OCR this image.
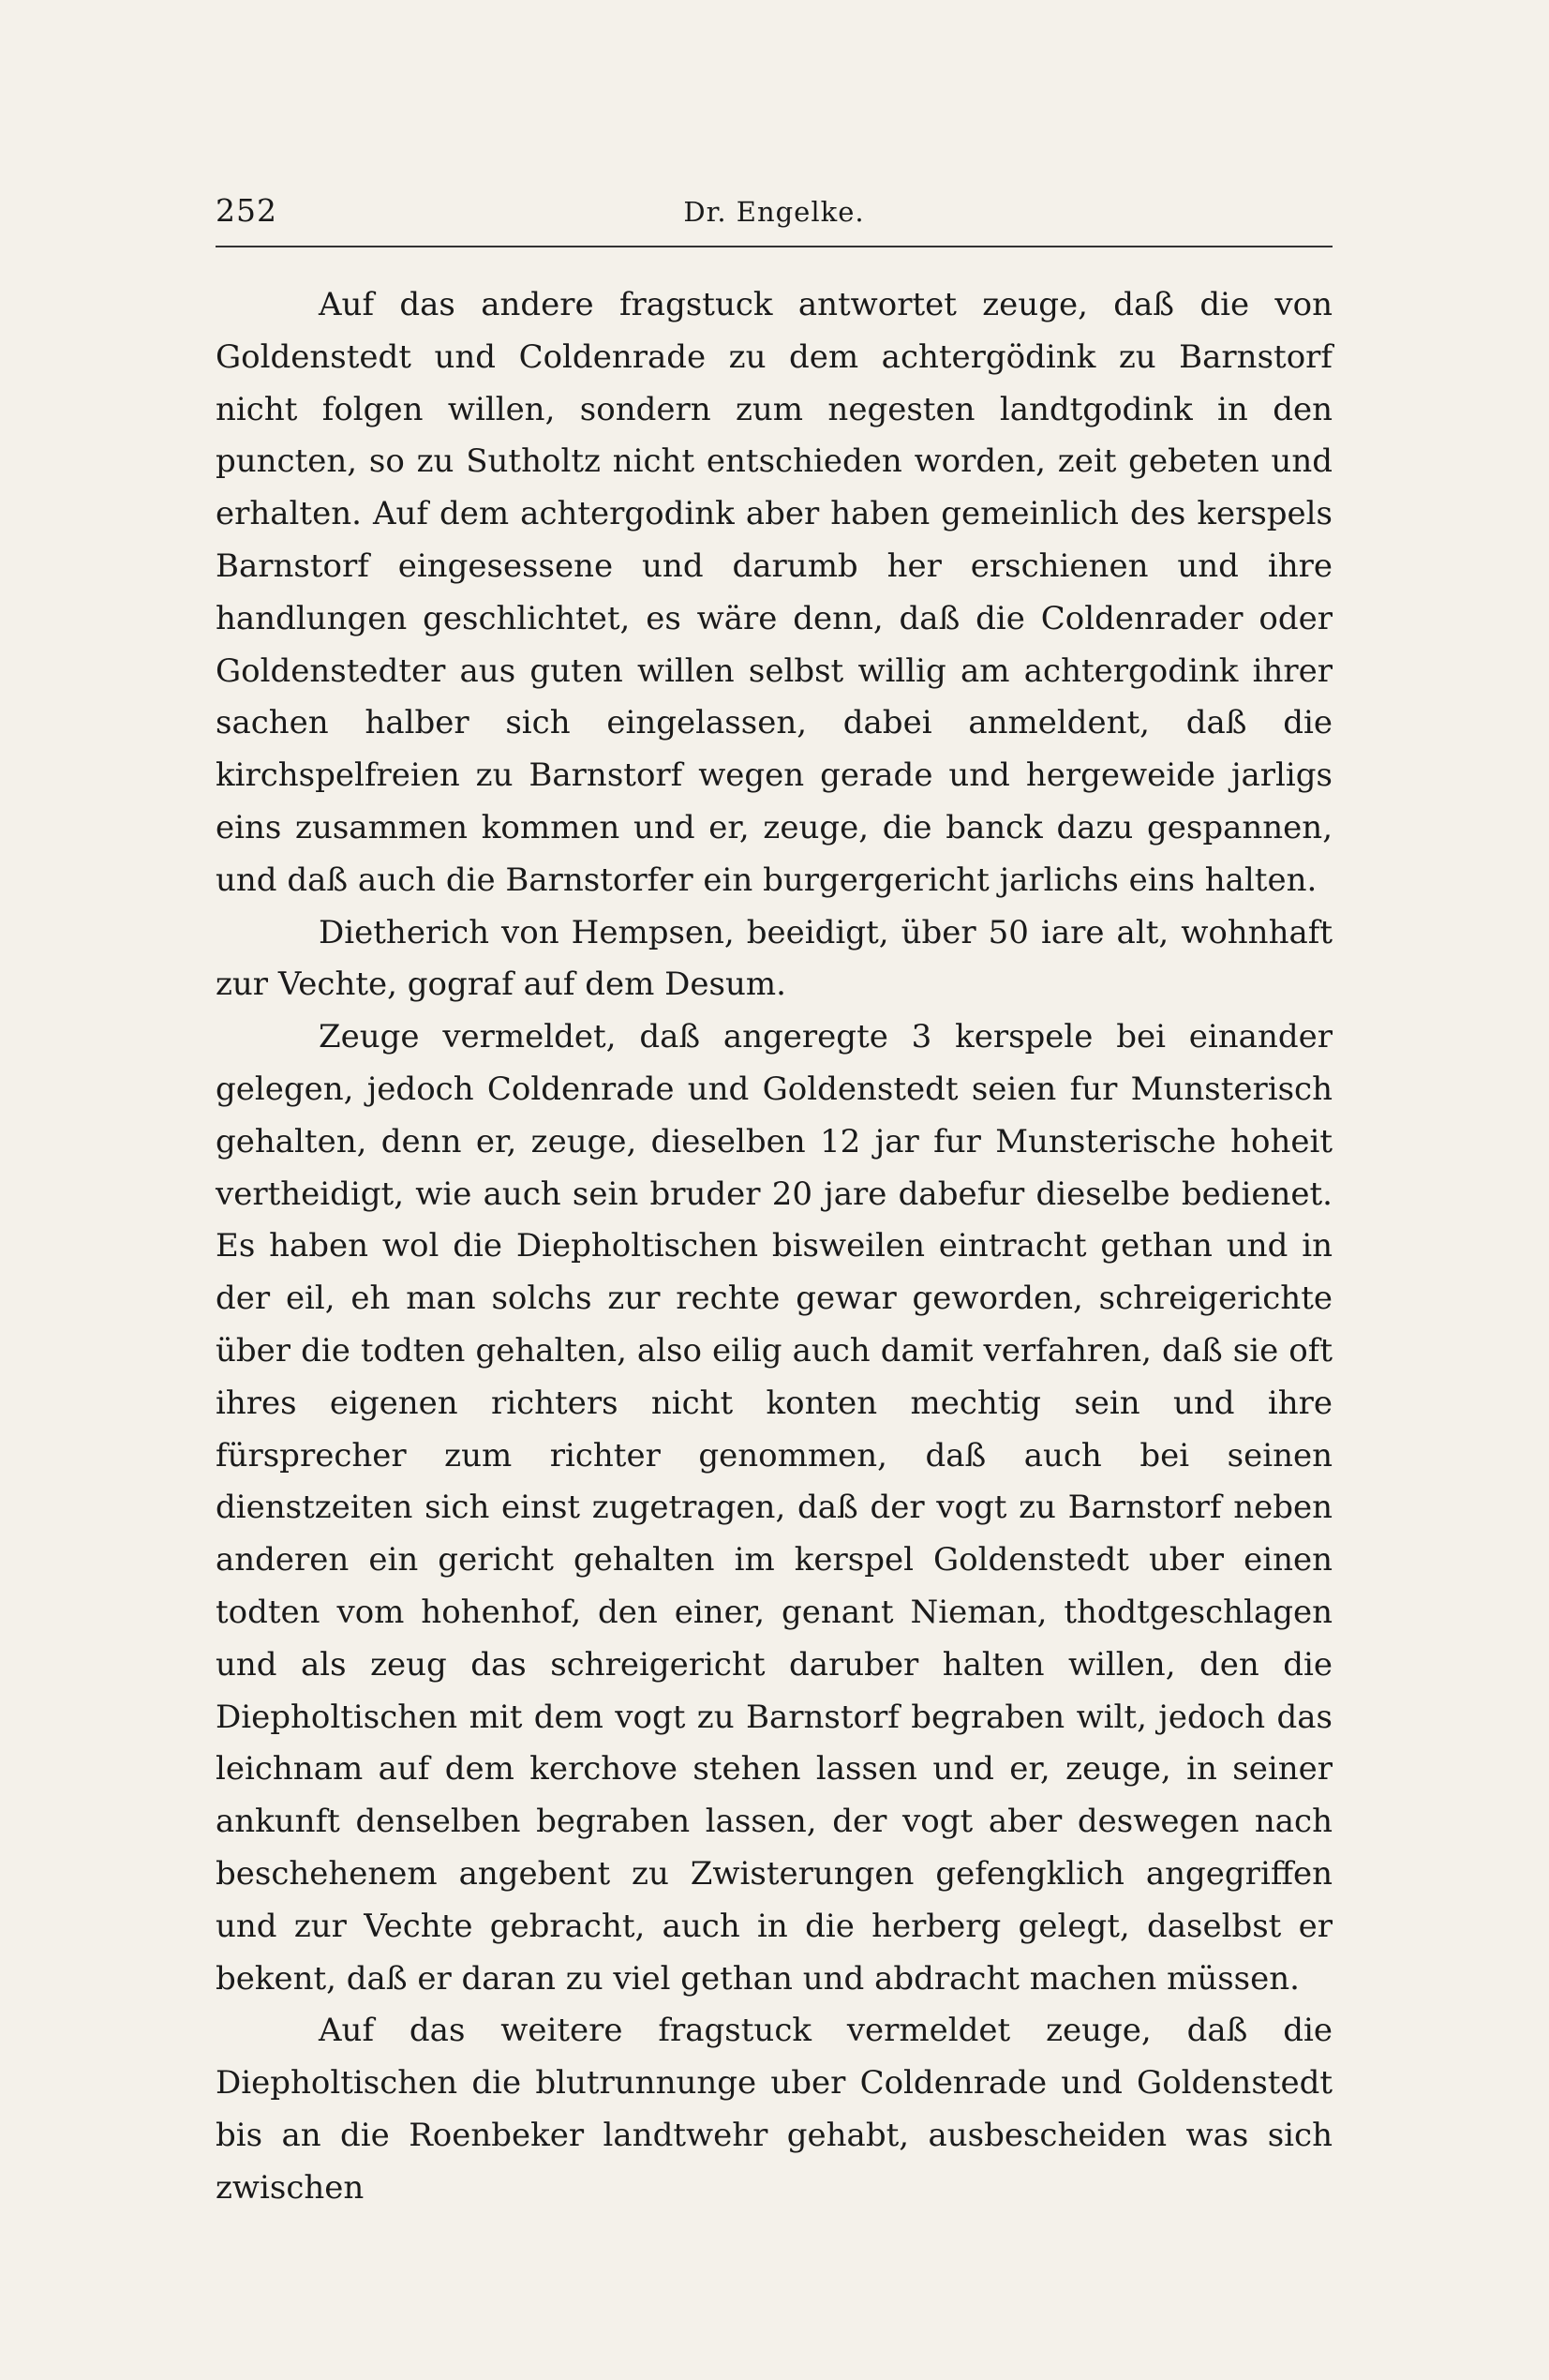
252	Dr. Engelke.

Auf das andere fragstuck antwortet zeuge, daß die von Goldenstedt und Coldenrade zu dem achtergödink zu Barnstorf nicht folgen willen, sondern zum negesten landtgodink in den puncten, so zu Sutholtz nicht entschieden worden, zeit gebeten und erhalten. Auf dem achtergodink aber haben gemeinlich des kerspels Barnstorf eingesessene und darumb her erschienen und ihre handlungen geschlichtet, es wäre denn, daß die Coldenrader oder Goldenstedter aus guten willen selbst willig am achtergodink ihrer sachen halber sich eingelassen, dabei anmeldent, daß die kirchspelfreien zu Barnstorf wegen gerade und hergeweide jarligs eins zusammen kommen und er, zeuge, die banck dazu gespannen, und daß auch die Barnstorfer ein burgergericht jarlichs eins halten.

Dietherich von Hempsen, beeidigt, über 50 iare alt, wohnhaft zur Vechte, gograf auf dem Desum.

Zeuge vermeldet, daß angeregte 3 kerspele bei einander gelegen, jedoch Coldenrade und Goldenstedt seien fur Munsterisch gehalten, denn er, zeuge, dieselben 12 jar fur Munsterische hoheit vertheidigt, wie auch sein bruder 20 jare dabefur dieselbe bedienet. Es haben wol die Diepholtischen bisweilen eintracht gethan und in der eil, eh man solchs zur rechte gewar geworden, schreigerichte über die todten gehalten, also eilig auch damit verfahren, daß sie oft ihres eigenen richters nicht konten mechtig sein und ihre fürsprecher zum richter genommen, daß auch bei seinen dienstzeiten sich einst zugetragen, daß der vogt zu Barnstorf neben anderen ein gericht gehalten im kerspel Goldenstedt uber einen todten vom hohenhof, den einer, genant Nieman, thodtgeschlagen und als zeug das schreigericht daruber halten willen, den die Diepholtischen mit dem vogt zu Barnstorf begraben wilt, jedoch das leichnam auf dem kerchove stehen lassen und er, zeuge, in seiner ankunft denselben begraben lassen, der vogt aber deswegen nach beschehenem angebent zu Zwisterungen gefengklich angegriffen und zur Vechte gebracht, auch in die herberg gelegt, daselbst er bekent, daß er daran zu viel gethan und abdracht machen müssen.

Auf das weitere fragstuck vermeldet zeuge, daß die Diepholtischen die blutrunnunge uber Coldenrade und Goldenstedt bis an die Roenbeker landtwehr gehabt, ausbescheiden was sich zwischen
